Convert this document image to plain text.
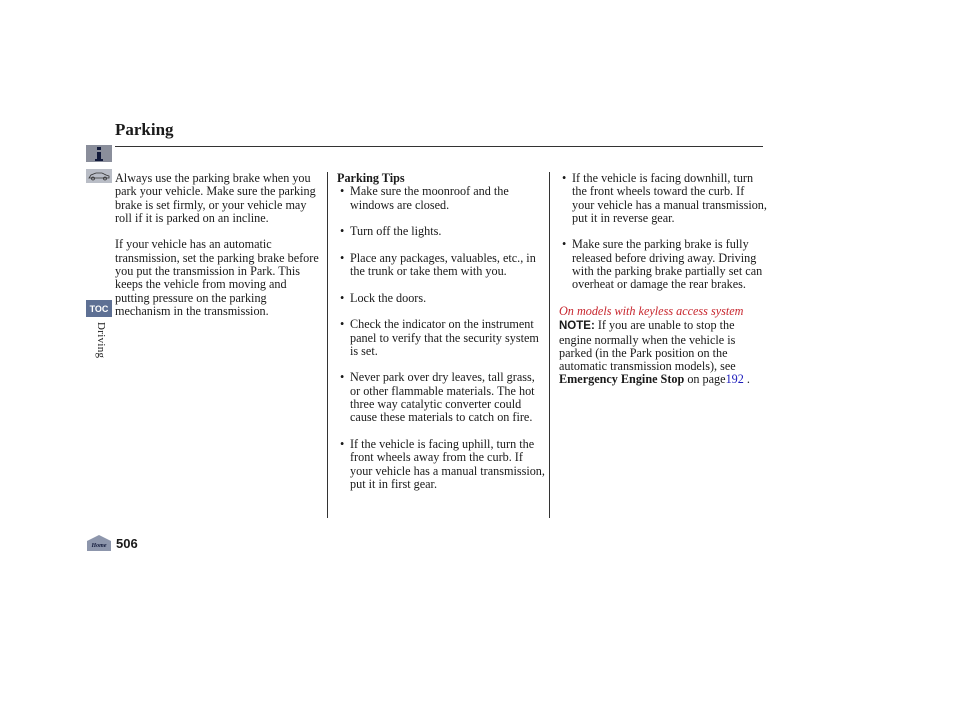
Parking
TOC
Driving

Always use the parking brake when you park your vehicle. Make sure the parking brake is set firmly, or your vehicle may roll if it is parked on an incline.

If your vehicle has an automatic transmission, set the parking brake before you put the transmission in Park. This keeps the vehicle from moving and putting pressure on the parking mechanism in the transmission.

Parking Tips
• Make sure the moonroof and the windows are closed.
• Turn off the lights.
• Place any packages, valuables, etc., in the trunk or take them with you.
• Lock the doors.
• Check the indicator on the instrument panel to verify that the security system is set.
• Never park over dry leaves, tall grass, or other flammable materials. The hot three way catalytic converter could cause these materials to catch on fire.
• If the vehicle is facing uphill, turn the front wheels away from the curb. If your vehicle has a manual transmission, put it in first gear.
• If the vehicle is facing downhill, turn the front wheels toward the curb. If your vehicle has a manual transmission, put it in reverse gear.
• Make sure the parking brake is fully released before driving away. Driving with the parking brake partially set can overheat or damage the rear brakes.
On models with keyless access system
NOTE: If you are unable to stop the engine normally when the vehicle is parked (in the Park position on the automatic transmission models), see Emergency Engine Stop on page192 .
Home 506
